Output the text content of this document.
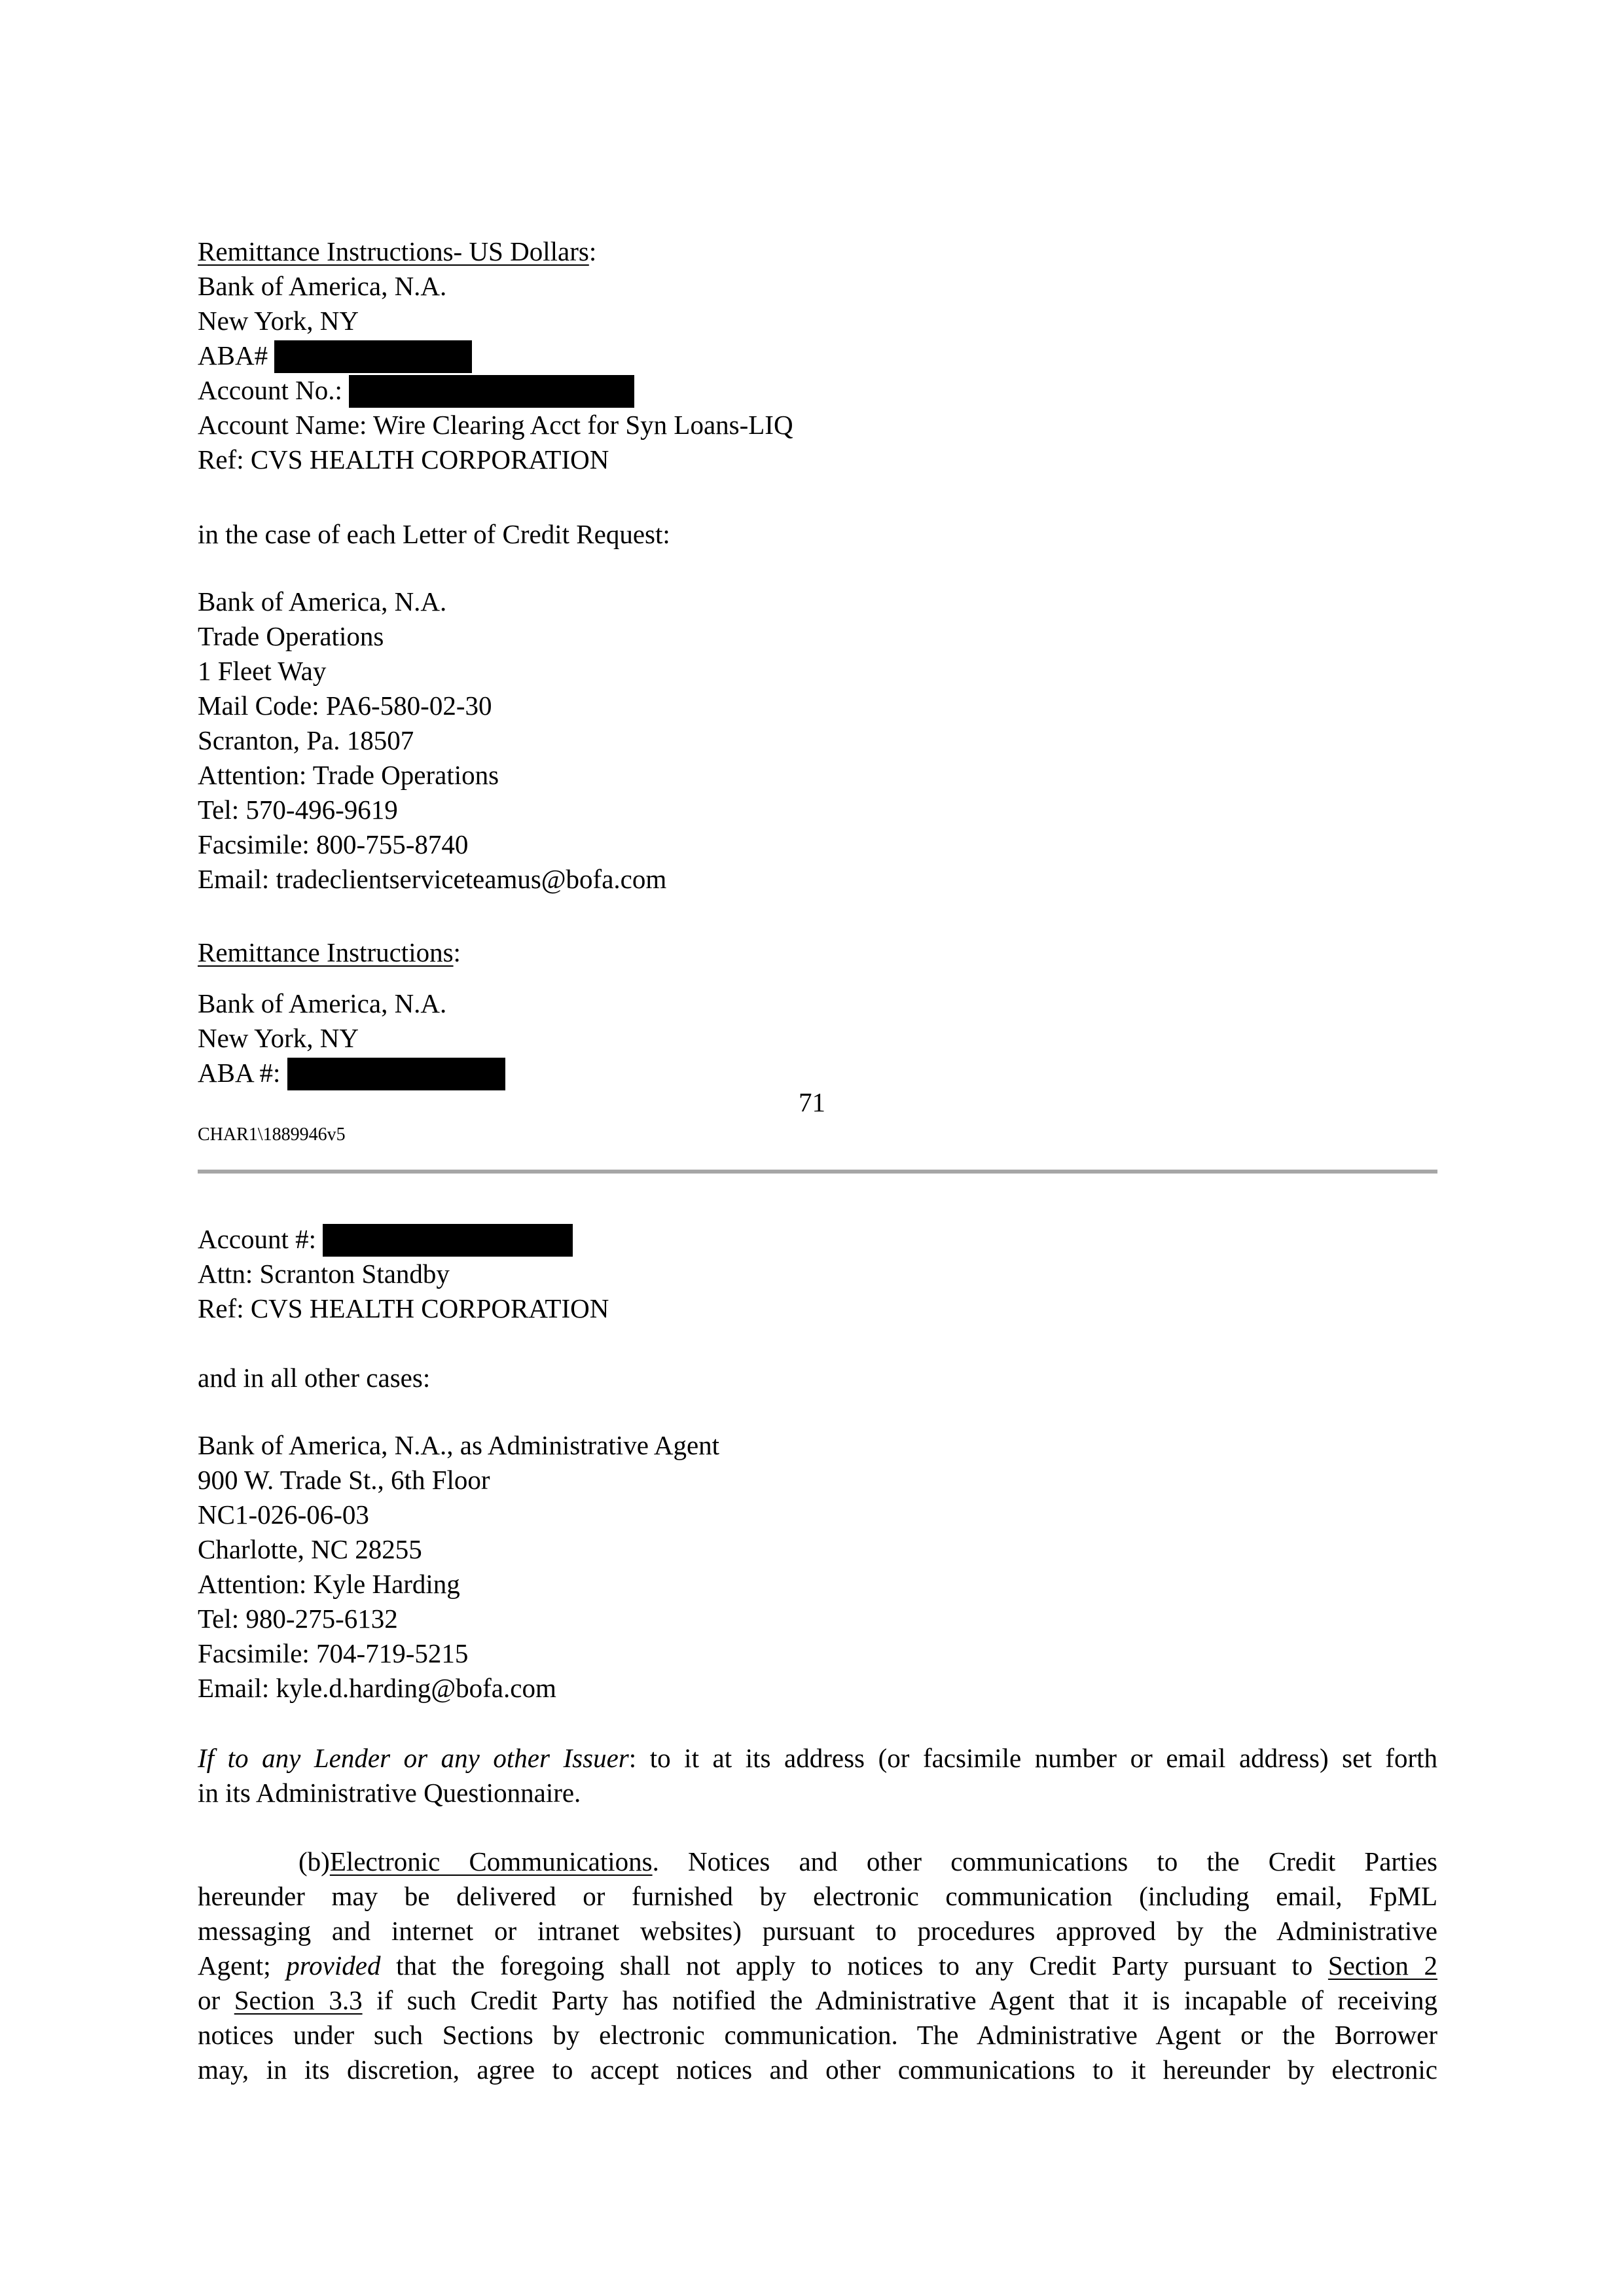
Remittance Instructions- US Dollars:
Bank of America, N.A.
New York, NY
ABA#
Account No.:
Account Name: Wire Clearing Acct for Syn Loans-LIQ
Ref: CVS HEALTH CORPORATION
in the case of each Letter of Credit Request:
Bank of America, N.A.
Trade Operations
1 Fleet Way
Mail Code: PA6-580-02-30
Scranton, Pa. 18507
Attention: Trade Operations
Tel: 570-496-9619
Facsimile: 800-755-8740
Email: tradeclientserviceteamus@bofa.com
Remittance Instructions:
Bank of America, N.A.
New York, NY
ABA #:
71
CHAR1\1889946v5
Account #:
Attn: Scranton Standby
Ref: CVS HEALTH CORPORATION
and in all other cases:
Bank of America, N.A., as Administrative Agent
900 W. Trade St., 6th Floor
NC1-026-06-03
Charlotte, NC 28255
Attention: Kyle Harding
Tel: 980-275-6132
Facsimile: 704-719-5215
Email: kyle.d.harding@bofa.com
If to any Lender or any other Issuer: to it at its address (or facsimile number or email address) set forth
in its Administrative Questionnaire.
(b)Electronic Communications. Notices and other communications to the Credit Parties
hereunder may be delivered or furnished by electronic communication (including email, FpML
messaging and internet or intranet websites) pursuant to procedures approved by the Administrative
Agent; provided that the foregoing shall not apply to notices to any Credit Party pursuant to Section 2
or Section 3.3 if such Credit Party has notified the Administrative Agent that it is incapable of receiving
notices under such Sections by electronic communication. The Administrative Agent or the Borrower
may, in its discretion, agree to accept notices and other communications to it hereunder by electronic
